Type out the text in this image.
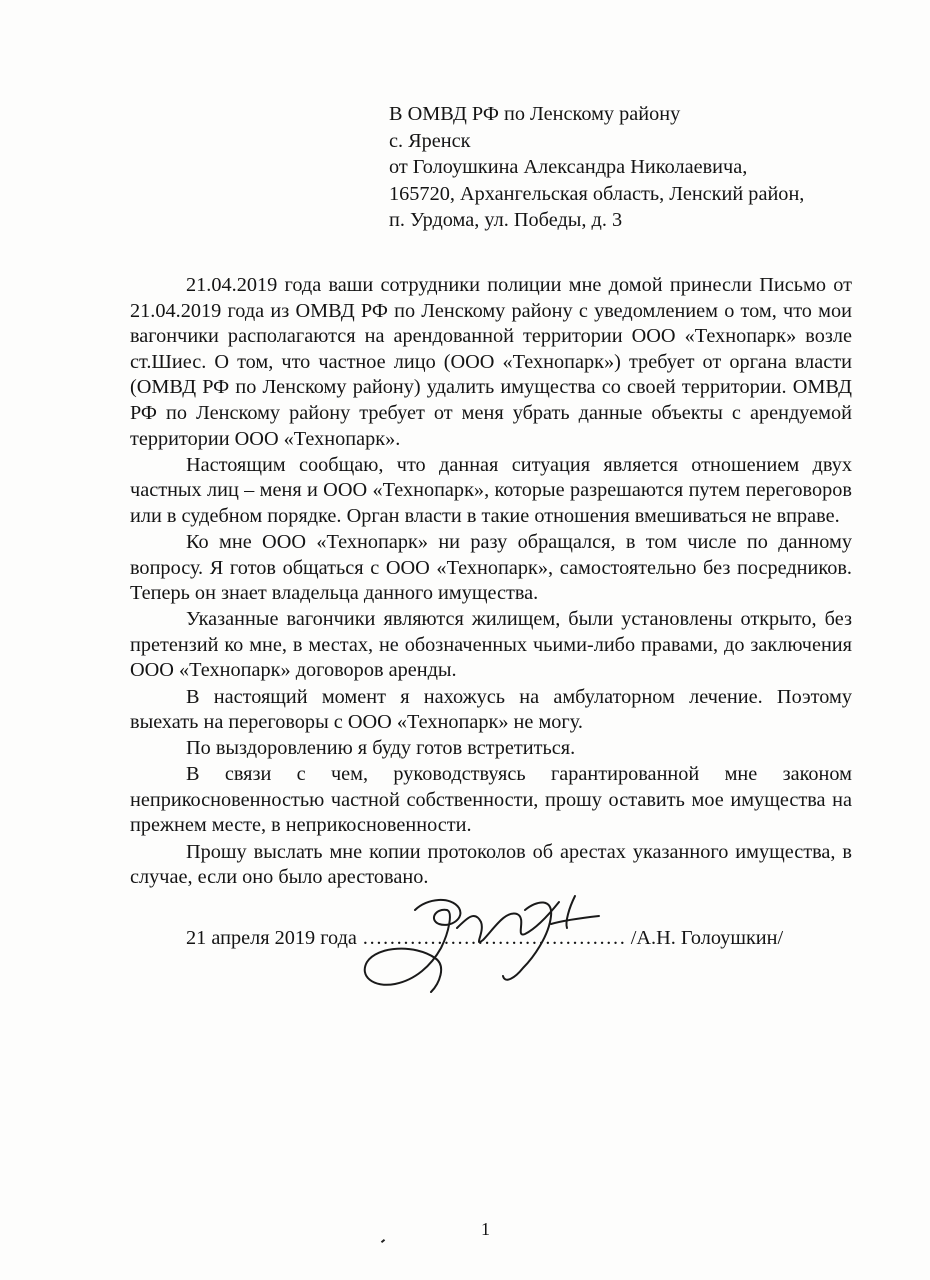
В ОМВД РФ по Ленскому району
с. Яренск
от Голоушкина Александра Николаевича,
165720, Архангельская область, Ленский район,
п. Урдома, ул. Победы, д. 3

21.04.2019 года ваши сотрудники полиции мне домой принесли Письмо от 21.04.2019 года из ОМВД РФ по Ленскому району с уведомлением о том, что мои вагончики располагаются на арендованной территории ООО «Технопарк» возле ст.Шиес. О том, что частное лицо (ООО «Технопарк») требует от органа власти (ОМВД РФ по Ленскому району) удалить имущества со своей территории. ОМВД РФ по Ленскому району требует от меня убрать данные объекты с арендуемой территории ООО «Технопарк».

Настоящим сообщаю, что данная ситуация является отношением двух частных лиц – меня и ООО «Технопарк», которые разрешаются путем переговоров или в судебном порядке. Орган власти в такие отношения вмешиваться не вправе.

Ко мне ООО «Технопарк» ни разу обращался, в том числе по данному вопросу. Я готов общаться с ООО «Технопарк», самостоятельно без посредников. Теперь он знает владельца данного имущества.

Указанные вагончики являются жилищем, были установлены открыто, без претензий ко мне, в местах, не обозначенных чьими-либо правами, до заключения ООО «Технопарк» договоров аренды.

В настоящий момент я нахожусь на амбулаторном лечение. Поэтому выехать на переговоры с ООО «Технопарк» не могу.

По выздоровлению я буду готов встретиться.

В связи с чем, руководствуясь гарантированной мне законом неприкосновенностью частной собственности, прошу оставить мое имущества на прежнем месте, в неприкосновенности.

Прошу выслать мне копии протоколов об арестах указанного имущества, в случае, если оно было арестовано.

21 апреля 2019 года ………………………………… /А.Н. Голоушкин/
1
